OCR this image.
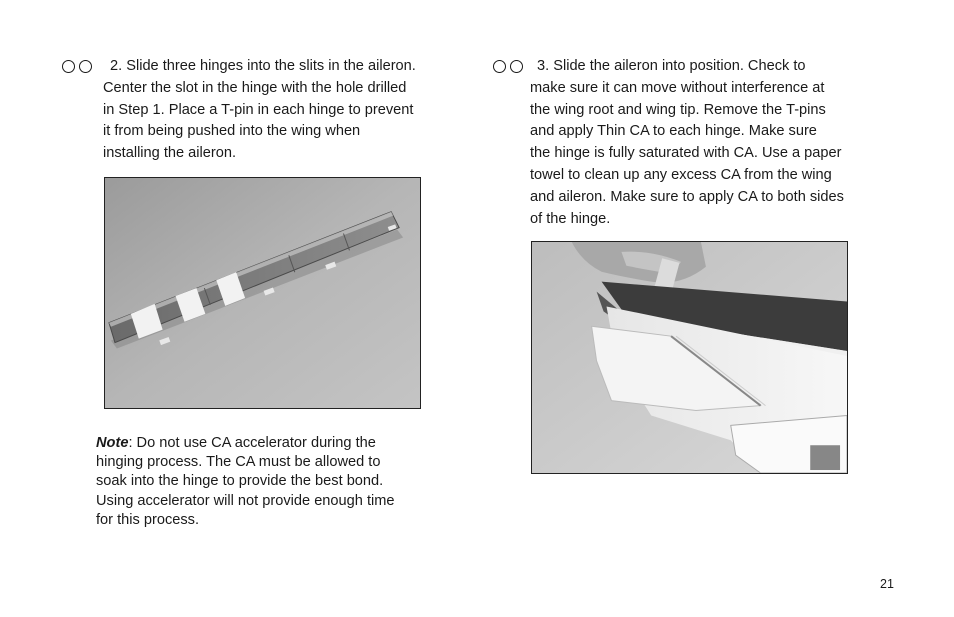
2. Slide three hinges into the slits in the aileron.
Center the slot in the hinge with the hole drilled
in Step 1. Place a T-pin in each hinge to prevent
it from being pushed into the wing when
installing the aileron.
Note: Do not use CA accelerator during the
hinging process. The CA must be allowed to
soak into the hinge to provide the best bond.
Using accelerator will not provide enough time
for this process.
3. Slide the aileron into position. Check to
make sure it can move without interference at
the wing root and wing tip. Remove the T-pins
and apply Thin CA to each hinge. Make sure
the hinge is fully saturated with CA. Use a paper
towel to clean up any excess CA from the wing
and aileron. Make sure to apply CA to both sides
of the hinge.
21
